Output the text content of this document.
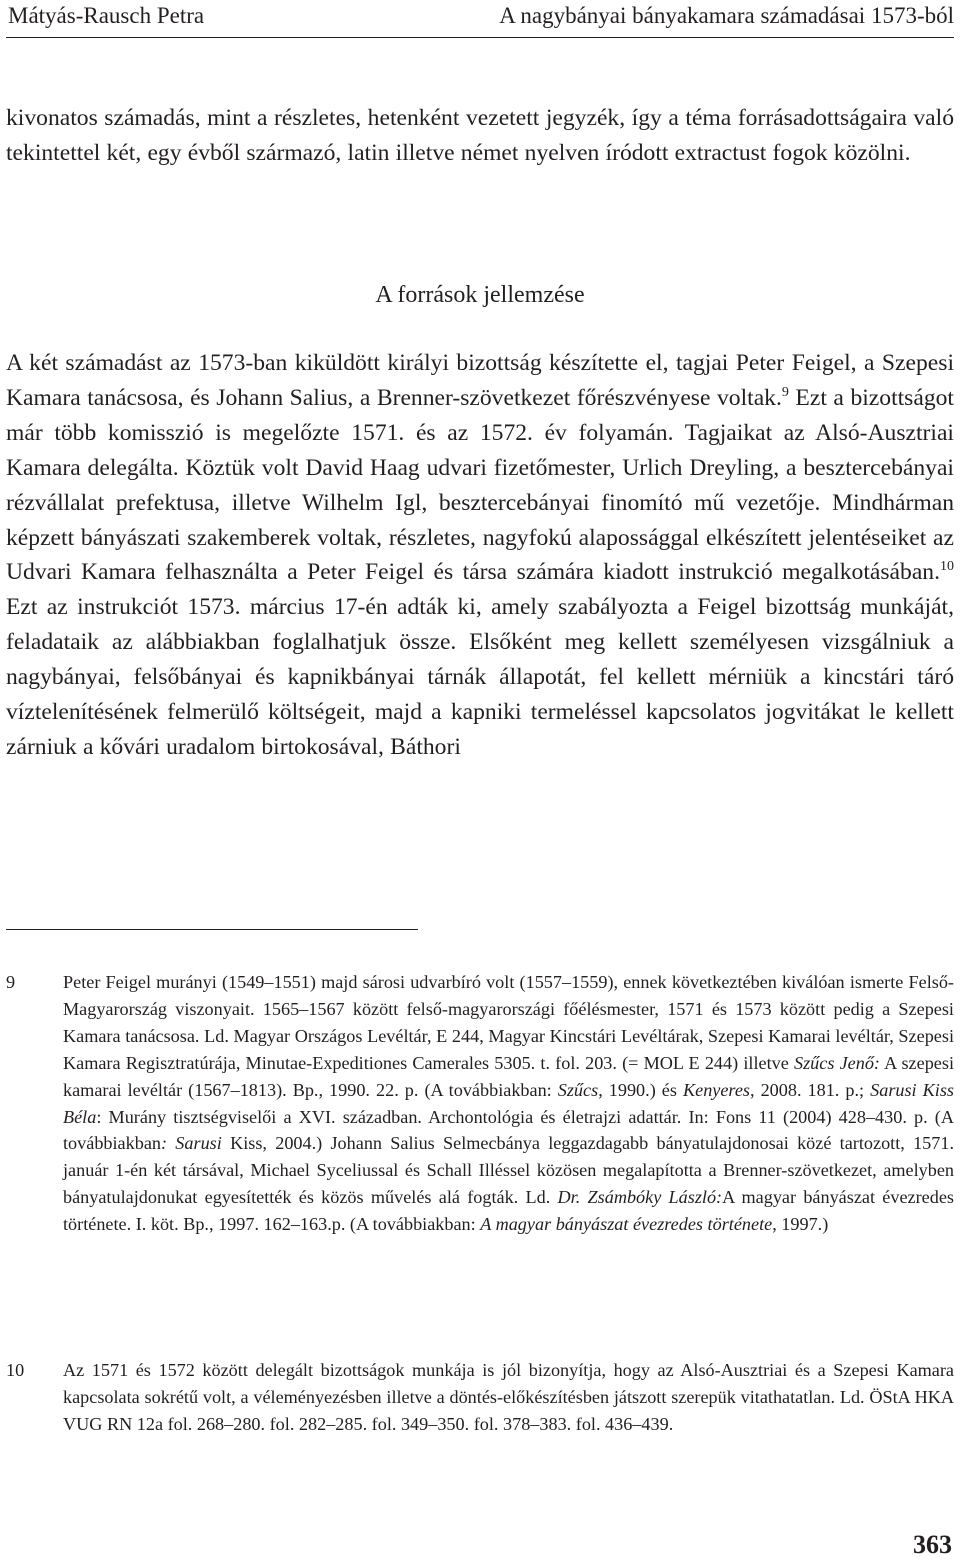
Mátyás-Rausch Petra	A nagybányai bányakamara számadásai 1573-ból

kivonatos számadás, mint a részletes, hetenként vezetett jegyzék, így a téma forrásadottságaira való tekintettel két, egy évből származó, latin illetve német nyelven íródott extractust fogok közölni.

A források jellemzése

A két számadást az 1573-ban kiküldött királyi bizottság készítette el, tagjai Peter Feigel, a Szepesi Kamara tanácsosa, és Johann Salius, a Brenner-szövetkezet főrészvényese voltak.$^9$ Ezt a bizottságot már több komisszió is megelőzte 1571. és az 1572. év folyamán. Tagjaikat az Alsó-Ausztriai Kamara delegálta. Köztük volt David Haag udvari fizetőmester, Urlich Dreyling, a besztercebányai rézvállalat prefektusa, illetve Wilhelm Igl, besztercebányai finomító mű vezetője. Mindhárman képzett bányászati szakemberek voltak, részletes, nagyfokú alapossággal elkészített jelentéseiket az Udvari Kamara felhasználta a Peter Feigel és társa számára kiadott instrukció megalkotásában.$^{10}$ Ezt az instrukciót 1573. március 17-én adták ki, amely szabályozta a Feigel bizottság munkáját, feladataik az alábbiakban foglalhatjuk össze. Elsőként meg kellett személyesen vizsgálniuk a nagybányai, felsőbányai és kapnikbányai tárnák állapotát, fel kellett mérniük a kincstári táró víztelenítésének felmerülő költségeit, majd a kapniki termeléssel kapcsolatos jogvitákat le kellett zárniuk a kővári uradalom birtokosával, Báthori

9	Peter Feigel murányi (1549–1551) majd sárosi udvarbíró volt (1557–1559), ennek következtében kiválóan ismerte Felső-Magyarország viszonyait. 1565–1567 között felső-magyarországi főélésmester, 1571 és 1573 között pedig a Szepesi Kamara tanácsosa. Ld. Magyar Országos Levéltár, E 244, Magyar Kincstári Levéltárak, Szepesi Kamarai levéltár, Szepesi Kamara Regisztratúrája, Minutae-Expeditiones Camerales 5305. t. fol. 203. (= MOL E 244) illetve Szűcs Jenő: A szepesi kamarai levéltár (1567–1813). Bp., 1990. 22. p. (A továbbiakban: Szűcs, 1990.) és Kenyeres, 2008. 181. p.; Sarusi Kiss Béla: Murány tisztségviselői a XVI. században. Archontológia és életrajzi adattár. In: Fons 11 (2004) 428–430. p. (A továbbiakban: Sarusi Kiss, 2004.) Johann Salius Selmecbánya leggazdagabb bányatulajdonosai közé tartozott, 1571. január 1-én két társával, Michael Syceliussal és Schall Illéssel közösen megalapította a Brenner-szövetkezet, amelyben bányatulajdonukat egyesítették és közös művelés alá fogták. Ld. Dr. Zsámbóky László:A magyar bányászat évezredes története. I. köt. Bp., 1997. 162–163.p. (A továbbiakban: A magyar bányászat évezredes története, 1997.)
10	Az 1571 és 1572 között delegált bizottságok munkája is jól bizonyítja, hogy az Alsó-Ausztriai és a Szepesi Kamara kapcsolata sokrétű volt, a véleményezésben illetve a döntés-előkészítésben játszott szerepük vitathatatlan. Ld. ÖStA HKA VUG RN 12a fol. 268–280. fol. 282–285. fol. 349–350. fol. 378–383. fol. 436–439.
363
